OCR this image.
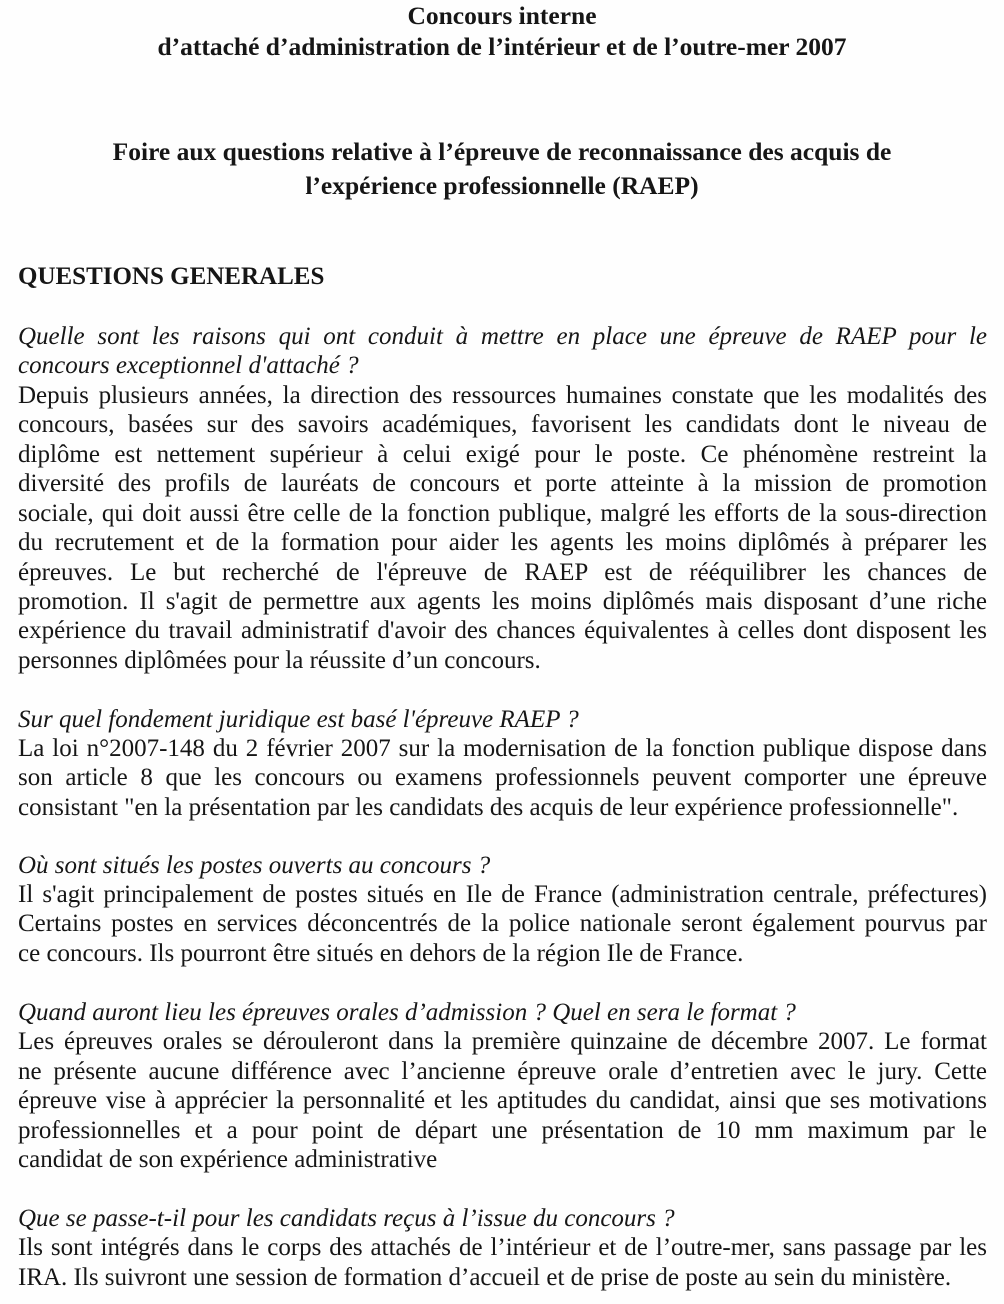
Concours interne
d’attaché d’administration de l’intérieur et de l’outre-mer 2007
Foire aux questions relative à l’épreuve de reconnaissance des acquis de
l’expérience professionnelle (RAEP)
QUESTIONS GENERALES
Quelle sont les raisons qui ont conduit à mettre en place une épreuve de RAEP pour le
concours exceptionnel d'attaché ?
Depuis plusieurs années, la direction des ressources humaines constate que les modalités des
concours, basées sur des savoirs académiques, favorisent les candidats dont le niveau de
diplôme est nettement supérieur à celui exigé pour le poste. Ce phénomène restreint la
diversité des profils de lauréats de concours et porte atteinte à la mission de promotion
sociale, qui doit aussi être celle de la fonction publique, malgré les efforts de la sous-direction
du recrutement et de la formation pour aider les agents les moins diplômés à préparer les
épreuves. Le but recherché de l'épreuve de RAEP est de rééquilibrer les chances de
promotion. Il s'agit de permettre aux agents les moins diplômés mais disposant d’une riche
expérience du travail administratif d'avoir des chances équivalentes à celles dont disposent les
personnes diplômées pour la réussite d’un concours.
Sur quel fondement juridique est basé l'épreuve RAEP ?
La loi n°2007-148 du 2 février 2007 sur la modernisation de la fonction publique dispose dans
son article 8 que les concours ou examens professionnels peuvent comporter une épreuve
consistant "en la présentation par les candidats des acquis de leur expérience professionnelle".
Où sont situés les postes ouverts au concours ?
Il s'agit principalement de postes situés en Ile de France (administration centrale, préfectures)
Certains postes en services déconcentrés de la police nationale seront également pourvus par
ce concours. Ils pourront être situés en dehors de la région Ile de France.
Quand auront lieu les épreuves orales d’admission ? Quel en sera le format ?
Les épreuves orales se dérouleront dans la première quinzaine de décembre 2007. Le format
ne présente aucune différence avec l’ancienne épreuve orale d’entretien avec le jury. Cette
épreuve vise à apprécier la personnalité et les aptitudes du candidat, ainsi que ses motivations
professionnelles et a pour point de départ une présentation de 10 mm maximum par le
candidat de son expérience administrative
Que se passe-t-il pour les candidats reçus à l’issue du concours ?
Ils sont intégrés dans le corps des attachés de l’intérieur et de l’outre-mer, sans passage par les
IRA. Ils suivront une session de formation d’accueil et de prise de poste au sein du ministère.
